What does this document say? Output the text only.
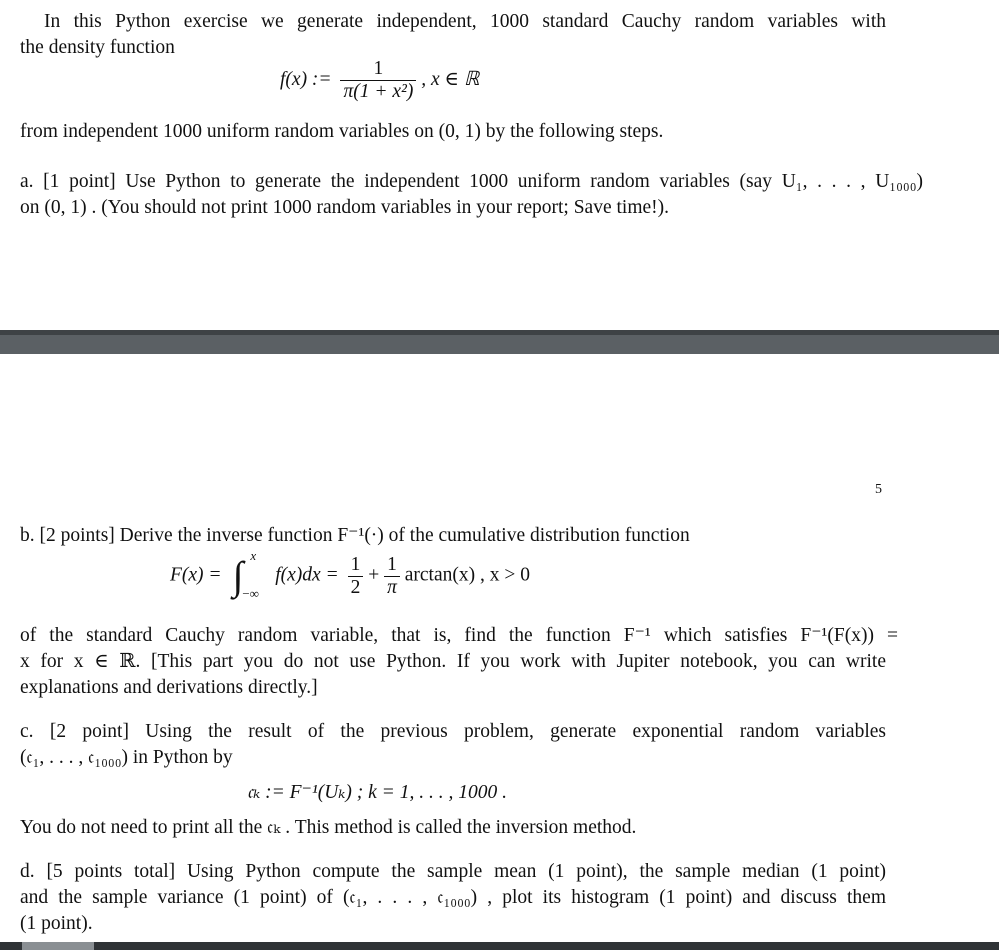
In this Python exercise we generate independent, 1000 standard Cauchy random variables with
the density function
f(x) := $\frac{1}{\text{π(1 + x²)}}$ , x ∈ ℝ
from independent 1000 uniform random variables on (0, 1) by the following steps.
a. [1 point] Use Python to generate the independent 1000 uniform random variables (say U₁, . . . , U₁₀₀₀)
on (0, 1) . (You should not print 1000 random variables in your report; Save time!).
5
b. [2 points] Derive the inverse function F⁻¹(·) of the cumulative distribution function
F(x) = ∫ x
−∞
$f(x)dx = \frac{1}{2} + \frac{1}{\pi} \arctan(x)$ , x > 0
of the standard Cauchy random variable, that is, find the function F⁻¹ which satisfies F⁻¹(F(x)) =
x for x ∈ ℝ. [This part you do not use Python. If you work with Jupiter notebook, you can write
explanations and derivations directly.]
c. [2 point] Using the result of the previous problem, generate exponential random variables
(𝔠₁, . . . , 𝔠₁₀₀₀) in Python by
𝔠ₖ := F⁻¹(Uₖ) ; k = 1, . . . , 1000 .
You do not need to print all the 𝔠ₖ . This method is called the inversion method.
d. [5 points total] Using Python compute the sample mean (1 point), the sample median (1 point)
and the sample variance (1 point) of (𝔠₁, . . . , 𝔠₁₀₀₀) , plot its histogram (1 point) and discuss them
(1 point).
